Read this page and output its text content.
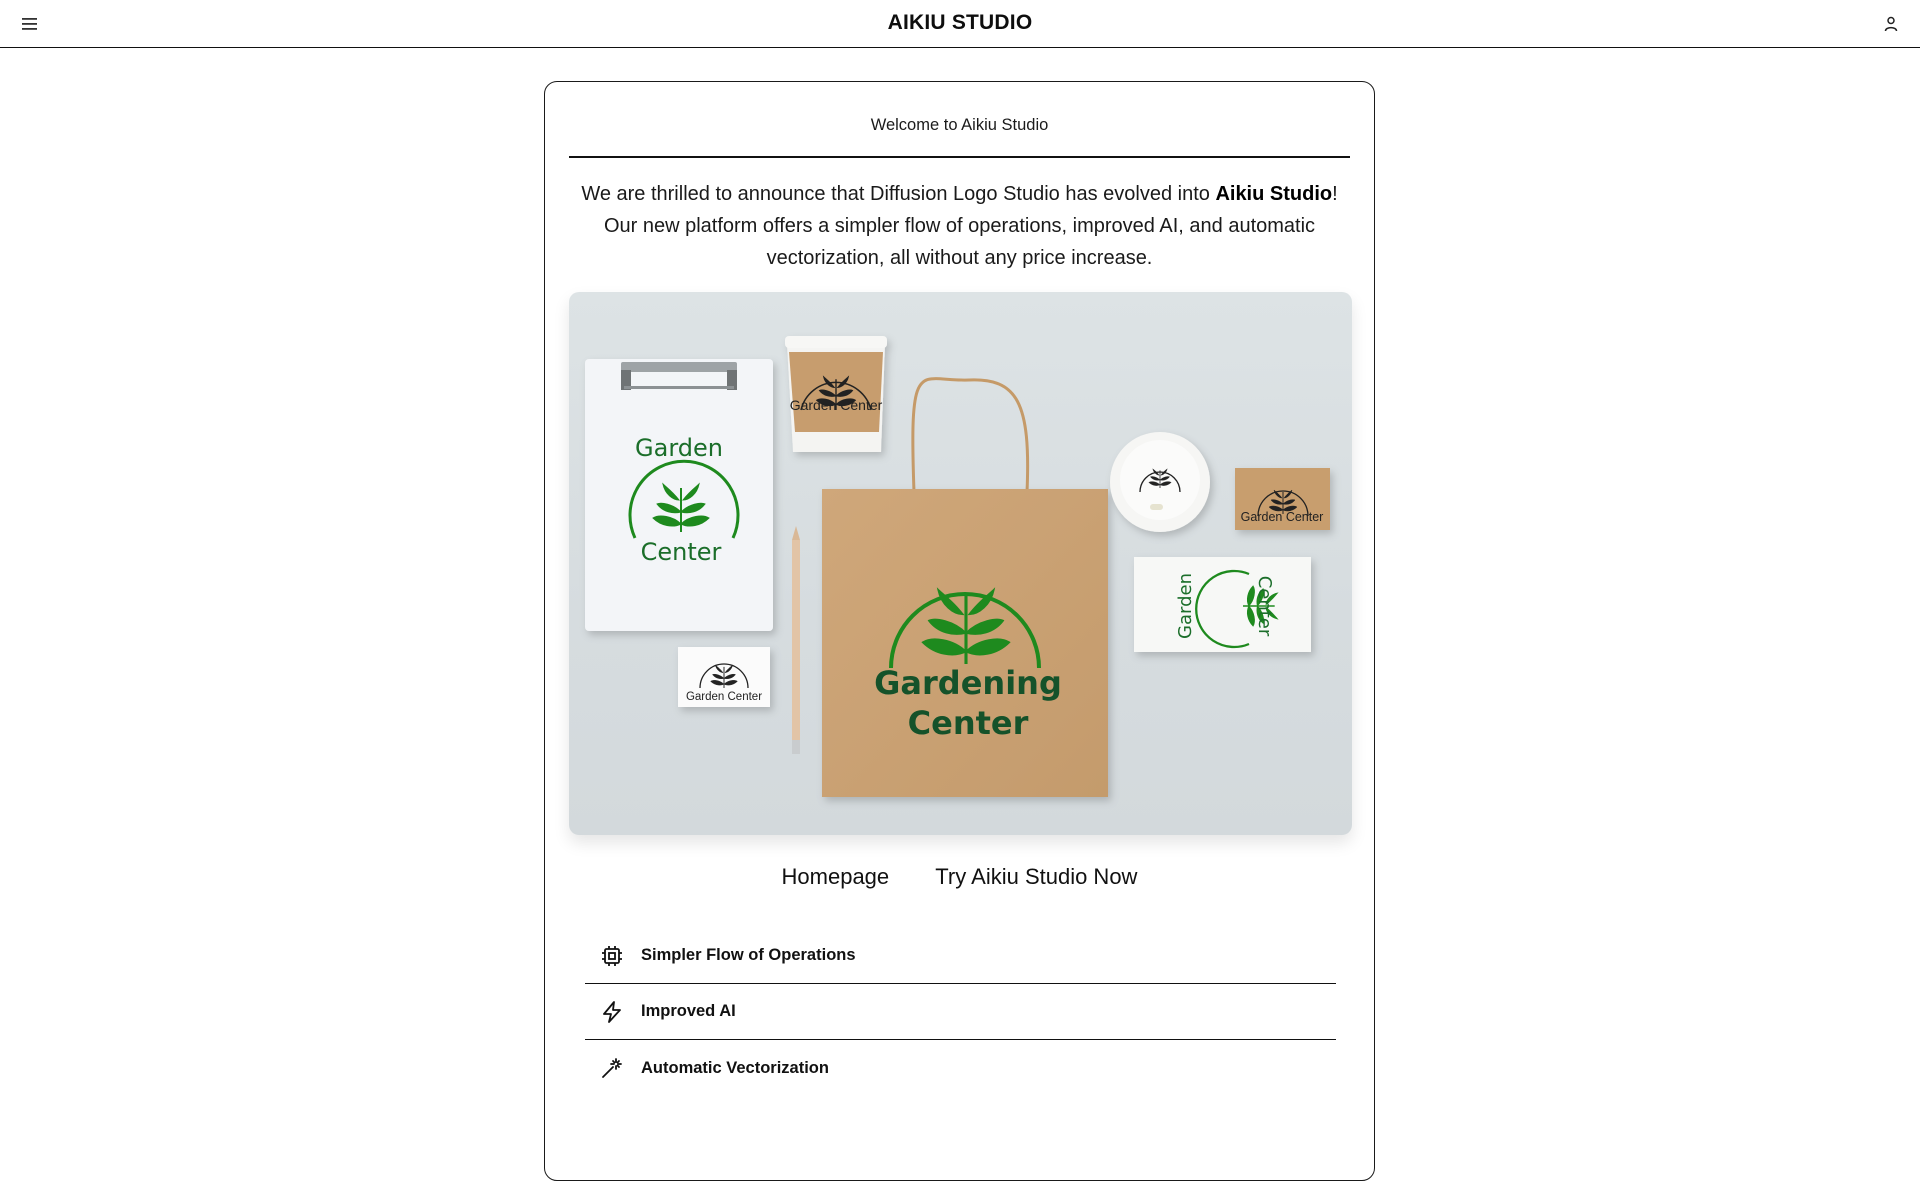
AIKIU STUDIO
Welcome to Aikiu Studio
We are thrilled to announce that Diffusion Logo Studio has evolved into Aikiu Studio! Our new platform offers a simpler flow of operations, improved AI, and automatic vectorization, all without any price increase.
Garden
Center
Garden Center
Garden Center	Gardening
Center
Garden Center
Garden	Center
Homepage Try Aikiu Studio Now
Simpler Flow of Operations
Improved AI
Automatic Vectorization
